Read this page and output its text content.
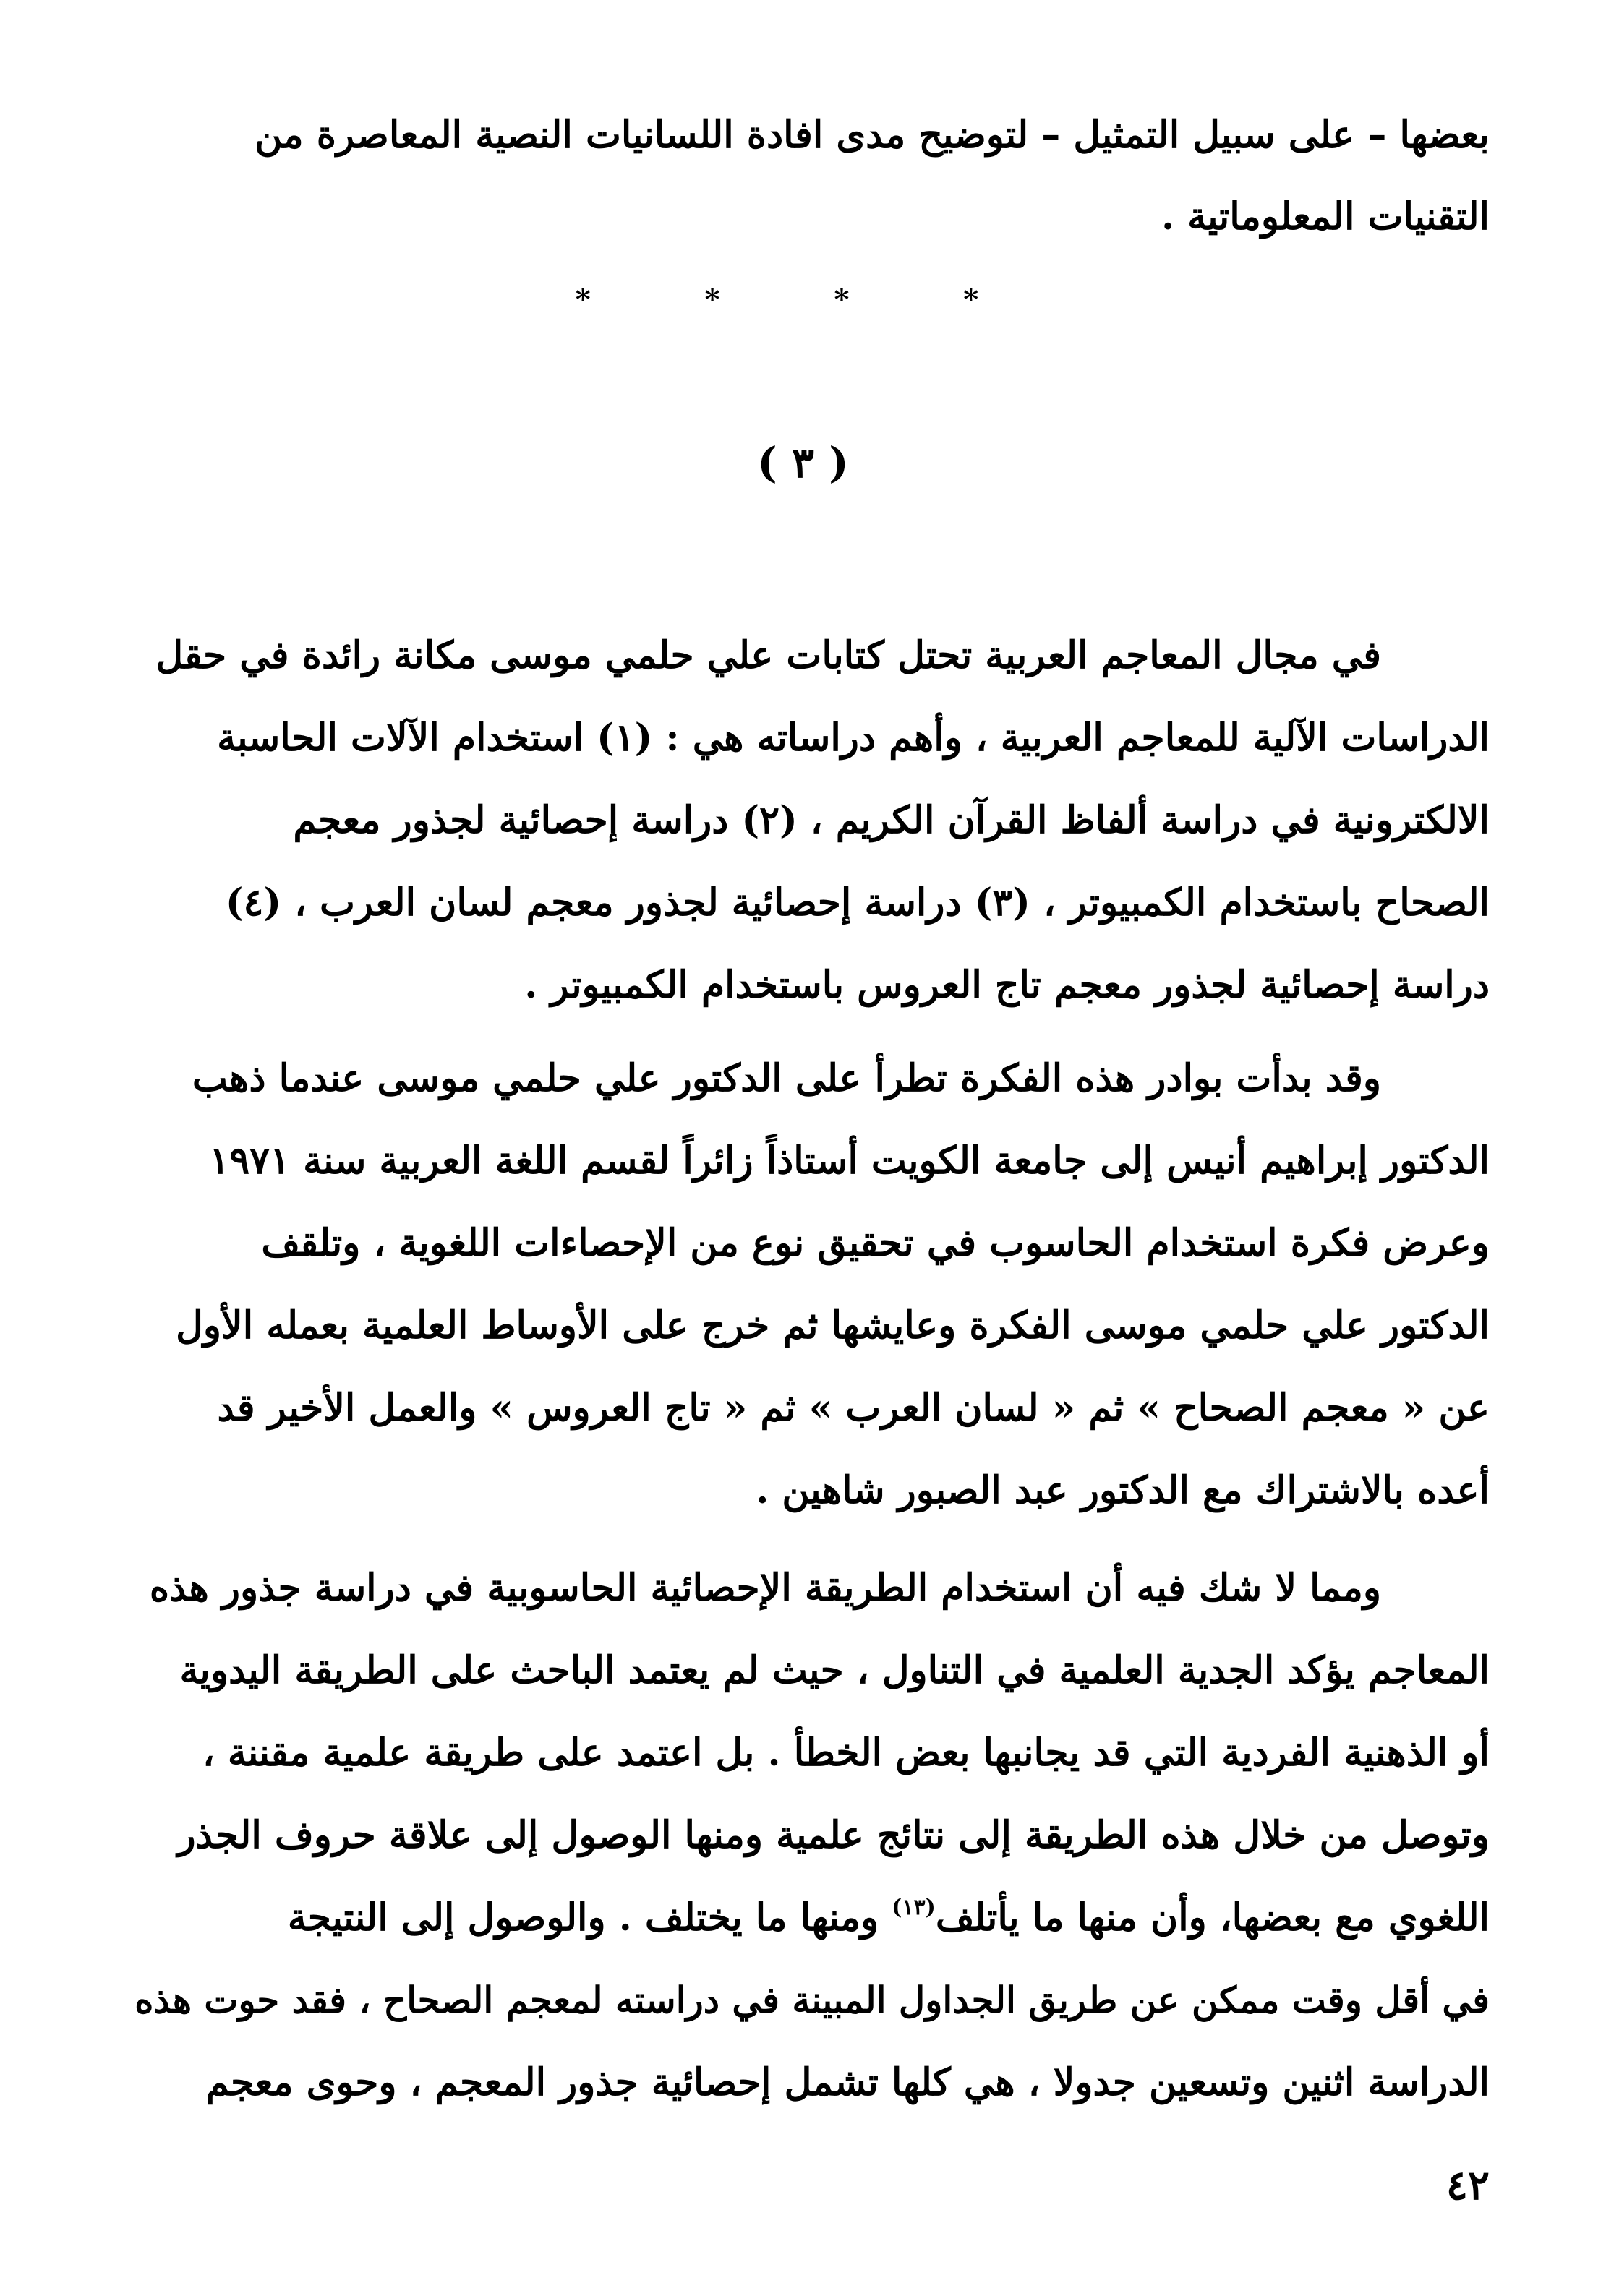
بعضها – على سبيل التمثيل – لتوضيح مدى افادة اللسانيات النصية المعاصرة من
التقنيات المعلوماتية .
* * * *
( ٣ )
في مجال المعاجم العربية تحتل كتابات علي حلمي موسى مكانة رائدة في حقل
الدراسات الآلية للمعاجم العربية ، وأهم دراساته هي : (١) استخدام الآلات الحاسبة
الالكترونية في دراسة ألفاظ القرآن الكريم ، (٢) دراسة إحصائية لجذور معجم
الصحاح باستخدام الكمبيوتر ، (٣) دراسة إحصائية لجذور معجم لسان العرب ، (٤)
دراسة إحصائية لجذور معجم تاج العروس باستخدام الكمبيوتر .
وقد بدأت بوادر هذه الفكرة تطرأ على الدكتور علي حلمي موسى عندما ذهب
الدكتور إبراهيم أنيس إلى جامعة الكويت أستاذاً زائراً لقسم اللغة العربية سنة ١٩٧١
وعرض فكرة استخدام الحاسوب في تحقيق نوع من الإحصاءات اللغوية ، وتلقف
الدكتور علي حلمي موسى الفكرة وعايشها ثم خرج على الأوساط العلمية بعمله الأول
عن « معجم الصحاح » ثم « لسان العرب » ثم « تاج العروس » والعمل الأخير قد
أعده بالاشتراك مع الدكتور عبد الصبور شاهين .
ومما لا شك فيه أن استخدام الطريقة الإحصائية الحاسوبية في دراسة جذور هذه
المعاجم يؤكد الجدية العلمية في التناول ، حيث لم يعتمد الباحث على الطريقة اليدوية
أو الذهنية الفردية التي قد يجانبها بعض الخطأ . بل اعتمد على طريقة علمية مقننة ،
وتوصل من خلال هذه الطريقة إلى نتائج علمية ومنها الوصول إلى علاقة حروف الجذر
اللغوي مع بعضها، وأن منها ما يأتلف$^{(١٣)}$ ومنها ما يختلف . والوصول إلى النتيجة
في أقل وقت ممكن عن طريق الجداول المبينة في دراسته لمعجم الصحاح ، فقد حوت هذه
الدراسة اثنين وتسعين جدولا ، هي كلها تشمل إحصائية جذور المعجم ، وحوى معجم
٤٢
